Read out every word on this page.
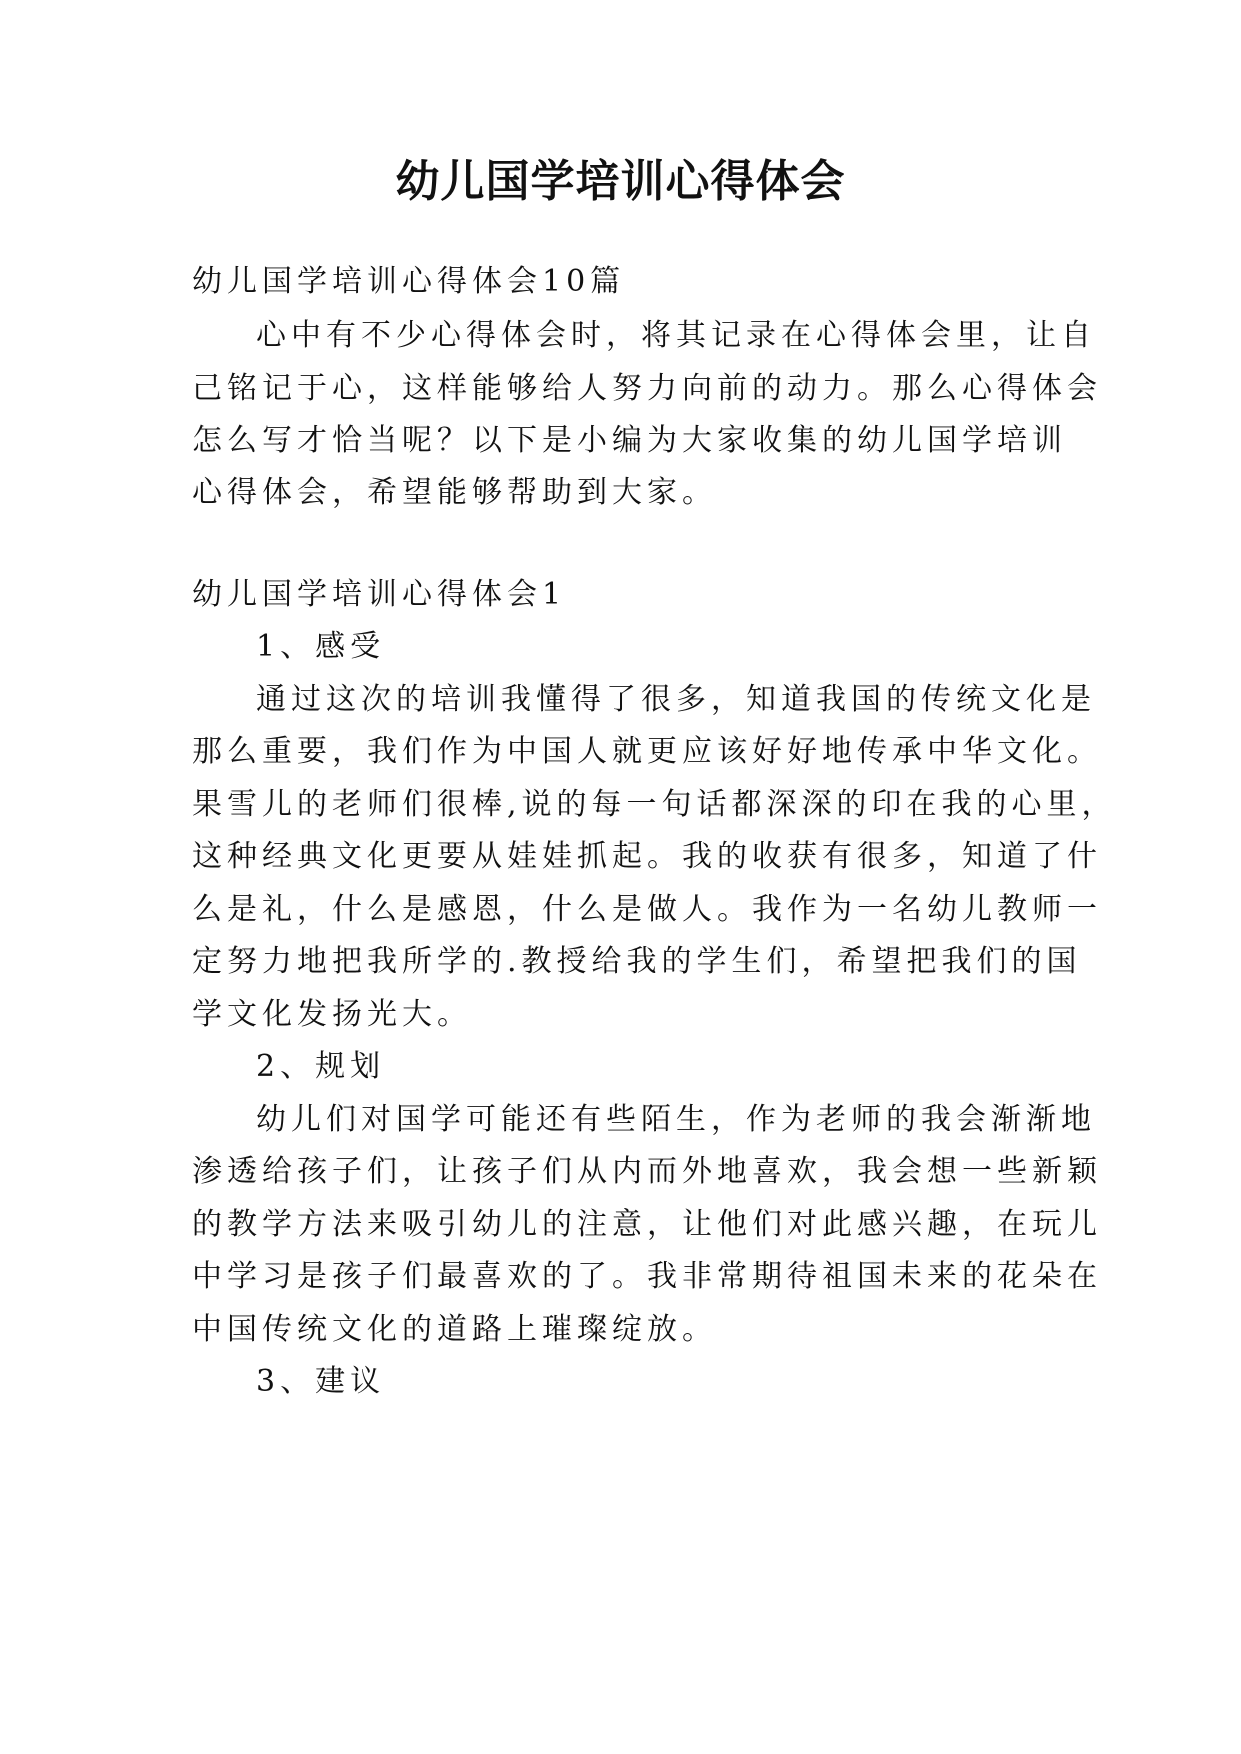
幼儿国学培训心得体会
幼儿国学培训心得体会10篇
心中有不少心得体会时，将其记录在心得体会里，让自
己铭记于心，这样能够给人努力向前的动力。那么心得体会
怎么写才恰当呢？以下是小编为大家收集的幼儿国学培训
心得体会，希望能够帮助到大家。
幼儿国学培训心得体会1
1、感受
通过这次的培训我懂得了很多，知道我国的传统文化是
那么重要，我们作为中国人就更应该好好地传承中华文化。
果雪儿的老师们很棒,说的每一句话都深深的印在我的心里，
这种经典文化更要从娃娃抓起。我的收获有很多，知道了什
么是礼，什么是感恩，什么是做人。我作为一名幼儿教师一
定努力地把我所学的.教授给我的学生们，希望把我们的国
学文化发扬光大。
2、规划
幼儿们对国学可能还有些陌生，作为老师的我会渐渐地
渗透给孩子们，让孩子们从内而外地喜欢，我会想一些新颖
的教学方法来吸引幼儿的注意，让他们对此感兴趣，在玩儿
中学习是孩子们最喜欢的了。我非常期待祖国未来的花朵在
中国传统文化的道路上璀璨绽放。
3、建议
